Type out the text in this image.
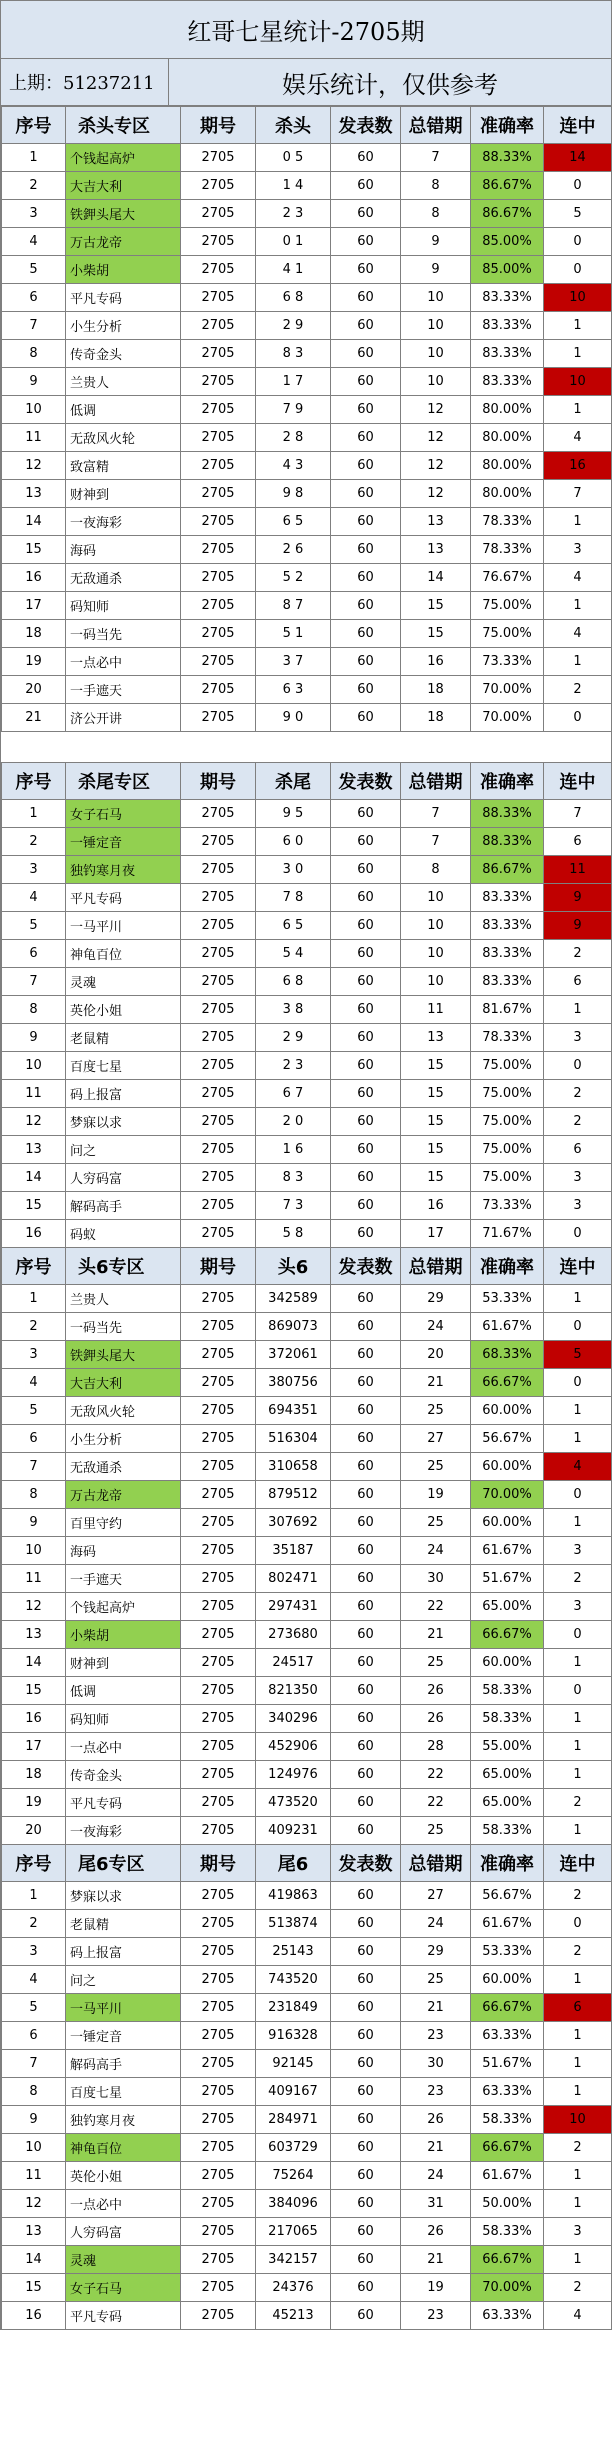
红哥七星统计-2705期
上期：51237211	娱乐统计，仅供参考
序号	杀头专区	期号	杀头	发表数	总错期	准确率	连中
1	个钱起高炉	2705	0 5	60	7	88.33%	14
2	大吉大利	2705	1 4	60	8	86.67%	0
3	铁鉀头尾大	2705	2 3	60	8	86.67%	5
4	万古龙帝	2705	0 1	60	9	85.00%	0
5	小柴胡	2705	4 1	60	9	85.00%	0
6	平凡专码	2705	6 8	60	10	83.33%	10
7	小生分析	2705	2 9	60	10	83.33%	1
8	传奇金头	2705	8 3	60	10	83.33%	1
9	兰贵人	2705	1 7	60	10	83.33%	10
10	低调	2705	7 9	60	12	80.00%	1
11	无敌风火轮	2705	2 8	60	12	80.00%	4
12	致富精	2705	4 3	60	12	80.00%	16
13	财神到	2705	9 8	60	12	80.00%	7
14	一夜海彩	2705	6 5	60	13	78.33%	1
15	海码	2705	2 6	60	13	78.33%	3
16	无敌通杀	2705	5 2	60	14	76.67%	4
17	码知师	2705	8 7	60	15	75.00%	1
18	一码当先	2705	5 1	60	15	75.00%	4
19	一点必中	2705	3 7	60	16	73.33%	1
20	一手遮天	2705	6 3	60	18	70.00%	2
21	济公开讲	2705	9 0	60	18	70.00%	0

序号	杀尾专区	期号	杀尾	发表数	总错期	准确率	连中
1	女子石马	2705	9 5	60	7	88.33%	7
2	一锤定音	2705	6 0	60	7	88.33%	6
3	独钓寒月夜	2705	3 0	60	8	86.67%	11
4	平凡专码	2705	7 8	60	10	83.33%	9
5	一马平川	2705	6 5	60	10	83.33%	9
6	神龟百位	2705	5 4	60	10	83.33%	2
7	灵魂	2705	6 8	60	10	83.33%	6
8	英伦小姐	2705	3 8	60	11	81.67%	1
9	老鼠精	2705	2 9	60	13	78.33%	3
10	百度七星	2705	2 3	60	15	75.00%	0
11	码上报富	2705	6 7	60	15	75.00%	2
12	梦寐以求	2705	2 0	60	15	75.00%	2
13	问之	2705	1 6	60	15	75.00%	6
14	人穷码富	2705	8 3	60	15	75.00%	3
15	解码高手	2705	7 3	60	16	73.33%	3
16	码蚁	2705	5 8	60	17	71.67%	0
序号	头6专区	期号	头6	发表数	总错期	准确率	连中
1	兰贵人	2705	342589	60	29	53.33%	1
2	一码当先	2705	869073	60	24	61.67%	0
3	铁鉀头尾大	2705	372061	60	20	68.33%	5
4	大吉大利	2705	380756	60	21	66.67%	0
5	无敌风火轮	2705	694351	60	25	60.00%	1
6	小生分析	2705	516304	60	27	56.67%	1
7	无敌通杀	2705	310658	60	25	60.00%	4
8	万古龙帝	2705	879512	60	19	70.00%	0
9	百里守约	2705	307692	60	25	60.00%	1
10	海码	2705	35187	60	24	61.67%	3
11	一手遮天	2705	802471	60	30	51.67%	2
12	个钱起高炉	2705	297431	60	22	65.00%	3
13	小柴胡	2705	273680	60	21	66.67%	0
14	财神到	2705	24517	60	25	60.00%	1
15	低调	2705	821350	60	26	58.33%	0
16	码知师	2705	340296	60	26	58.33%	1
17	一点必中	2705	452906	60	28	55.00%	1
18	传奇金头	2705	124976	60	22	65.00%	1
19	平凡专码	2705	473520	60	22	65.00%	2
20	一夜海彩	2705	409231	60	25	58.33%	1
序号	尾6专区	期号	尾6	发表数	总错期	准确率	连中
1	梦寐以求	2705	419863	60	27	56.67%	2
2	老鼠精	2705	513874	60	24	61.67%	0
3	码上报富	2705	25143	60	29	53.33%	2
4	问之	2705	743520	60	25	60.00%	1
5	一马平川	2705	231849	60	21	66.67%	6
6	一锤定音	2705	916328	60	23	63.33%	1
7	解码高手	2705	92145	60	30	51.67%	1
8	百度七星	2705	409167	60	23	63.33%	1
9	独钓寒月夜	2705	284971	60	26	58.33%	10
10	神龟百位	2705	603729	60	21	66.67%	2
11	英伦小姐	2705	75264	60	24	61.67%	1
12	一点必中	2705	384096	60	31	50.00%	1
13	人穷码富	2705	217065	60	26	58.33%	3
14	灵魂	2705	342157	60	21	66.67%	1
15	女子石马	2705	24376	60	19	70.00%	2
16	平凡专码	2705	45213	60	23	63.33%	4
